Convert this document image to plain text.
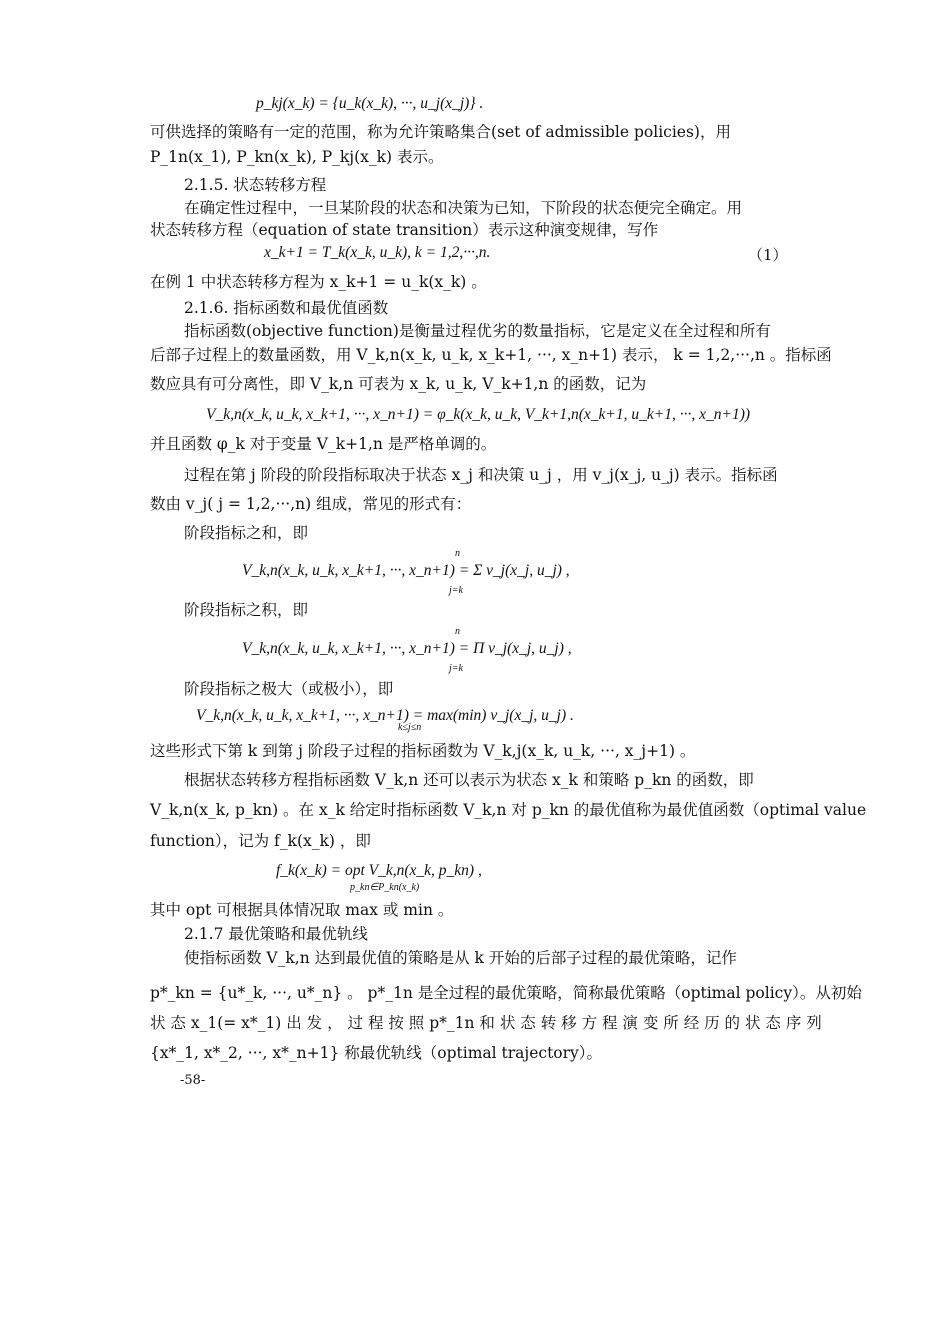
p_kj(x_k) = {u_k(x_k), ···, u_j(x_j)} .
可供选择的策略有一定的范围，称为允许策略集合(set of admissible policies)，用
P_1n(x_1), P_kn(x_k), P_kj(x_k) 表示。
2.1.5. 状态转移方程
在确定性过程中，一旦某阶段的状态和决策为已知，下阶段的状态便完全确定。用
状态转移方程（equation of state transition）表示这种演变规律，写作
x_k+1 = T_k(x_k, u_k), k = 1,2,···,n.	（1）
在例 1 中状态转移方程为 x_k+1 = u_k(x_k) 。
2.1.6. 指标函数和最优值函数
指标函数(objective function)是衡量过程优劣的数量指标，它是定义在全过程和所有
后部子过程上的数量函数，用 V_k,n(x_k, u_k, x_k+1, ···, x_n+1) 表示， k = 1,2,···,n 。指标函
数应具有可分离性，即 V_k,n 可表为 x_k, u_k, V_k+1,n 的函数，记为
V_k,n(x_k, u_k, x_k+1, ···, x_n+1) = φ_k(x_k, u_k, V_k+1,n(x_k+1, u_k+1, ···, x_n+1))
并且函数 φ_k 对于变量 V_k+1,n 是严格单调的。
过程在第 j 阶段的阶段指标取决于状态 x_j 和决策 u_j ，用 v_j(x_j, u_j) 表示。指标函
数由 v_j( j = 1,2,···,n) 组成，常见的形式有：
阶段指标之和，即
n
V_k,n(x_k, u_k, x_k+1, ···, x_n+1) = Σ v_j(x_j, u_j) ,
j=k
阶段指标之积，即
n
V_k,n(x_k, u_k, x_k+1, ···, x_n+1) = Π v_j(x_j, u_j) ,
j=k
阶段指标之极大（或极小），即
V_k,n(x_k, u_k, x_k+1, ···, x_n+1) = max(min) v_j(x_j, u_j) .
k≤j≤n
这些形式下第 k 到第 j 阶段子过程的指标函数为 V_k,j(x_k, u_k, ···, x_j+1) 。
根据状态转移方程指标函数 V_k,n 还可以表示为状态 x_k 和策略 p_kn 的函数，即
V_k,n(x_k, p_kn) 。在 x_k 给定时指标函数 V_k,n 对 p_kn 的最优值称为最优值函数（optimal value
function），记为 f_k(x_k) ，即
f_k(x_k) = opt V_k,n(x_k, p_kn) ,
p_kn∈P_kn(x_k)
其中 opt 可根据具体情况取 max 或 min 。
2.1.7 最优策略和最优轨线
使指标函数 V_k,n 达到最优值的策略是从 k 开始的后部子过程的最优策略，记作
p*_kn = {u*_k, ···, u*_n} 。 p*_1n 是全过程的最优策略，简称最优策略（optimal policy）。从初始
状 态 x_1(= x*_1) 出 发 ， 过 程 按 照 p*_1n 和 状 态 转 移 方 程 演 变 所 经 历 的 状 态 序 列
{x*_1, x*_2, ···, x*_n+1} 称最优轨线（optimal trajectory）。
-58-
